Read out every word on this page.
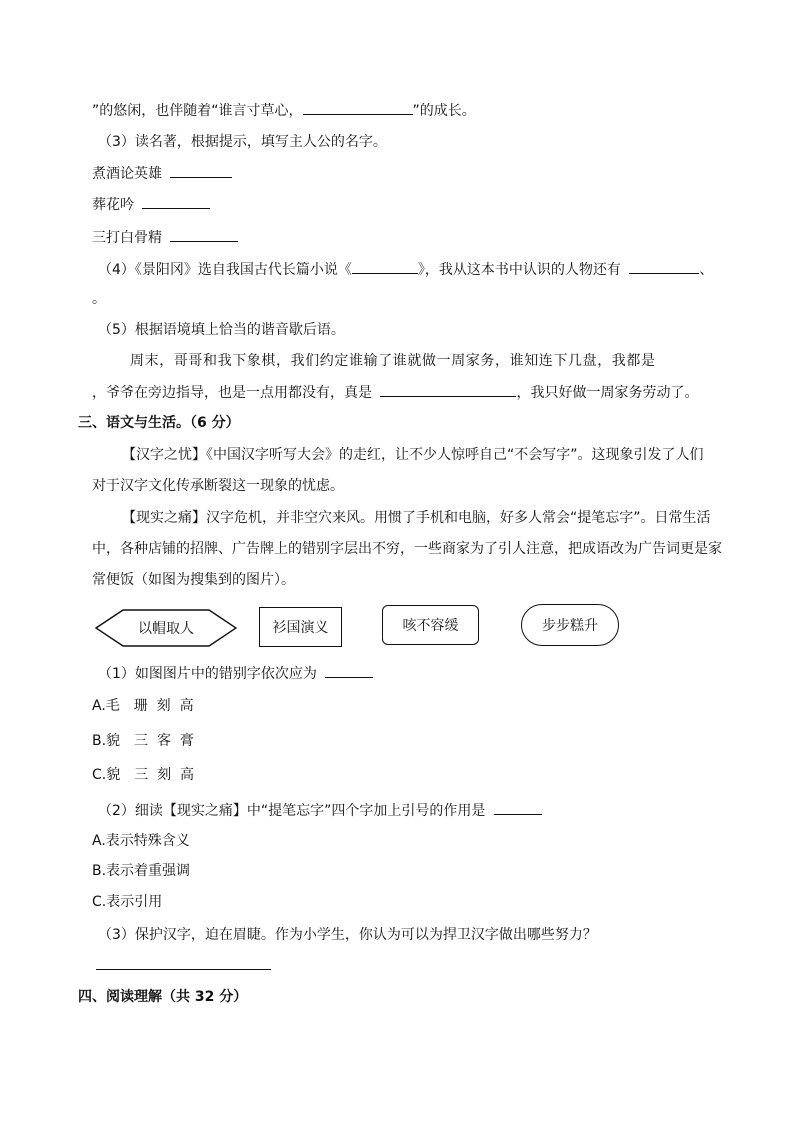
”的悠闲，也伴随着“谁言寸草心，	”的成长。
（3）读名著，根据提示，填写主人公的名字。
煮酒论英雄
葬花吟
三打白骨精
（4）《景阳冈》选自我国古代长篇小说《	》，我从这本书中认识的人物还有	、
。
（5）根据语境填上恰当的谐音歇后语。
周末，哥哥和我下象棋，我们约定谁输了谁就做一周家务，谁知连下几盘，我都是
，爷爷在旁边指导，也是一点用都没有，真是	，我只好做一周家务劳动了。
三、语文与生活。（6 分）
【汉字之忧】《中国汉字听写大会》的走红，让不少人惊呼自己“不会写字”。这现象引发了人们
对于汉字文化传承断裂这一现象的忧虑。
【现实之痛】汉字危机，并非空穴来风。用惯了手机和电脑，好多人常会“提笔忘字”。日常生活
中，各种店铺的招牌、广告牌上的错别字层出不穷，一些商家为了引人注意，把成语改为广告词更是家
常便饭（如图为搜集到的图片）。
以帽取人	衫国演义	咳不容缓	步步糕升
（1）如图图片中的错别字依次应为
A.毛　珊  刻  高
B.貌　三  客  膏
C.貌　三  刻  高
（2）细读【现实之痛】中“提笔忘字”四个字加上引号的作用是
A.表示特殊含义
B.表示着重强调
C.表示引用
（3）保护汉字，迫在眉睫。作为小学生，你认为可以为捍卫汉字做出哪些努力？
四、阅读理解（共 32 分）
